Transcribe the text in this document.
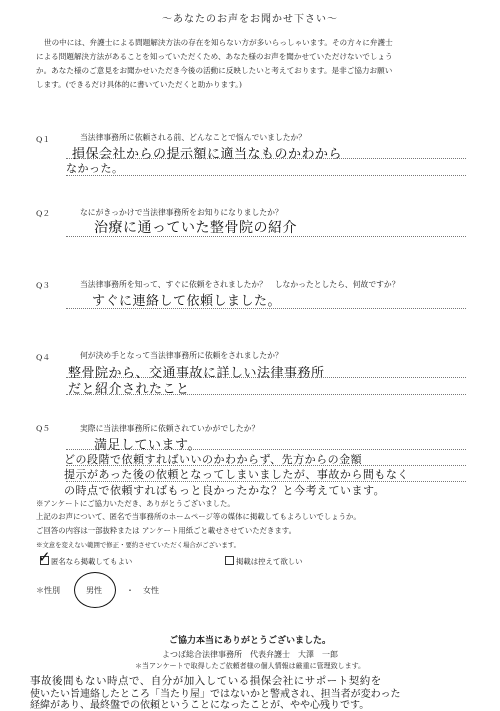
〜あなたのお声をお聞かせ下さい〜
世の中には、弁護士による問題解決方法の存在を知らない方が多いらっしゃいます。その方々に弁護士
による問題解決方法があることを知っていただくため、あなた様のお声を聞かせていただけないでしょう
か。あなた様のご意見をお聞かせいただき今後の活動に反映したいと考えております。是非ご協力お願い
します。(できるだけ具体的に書いていただくと助かります。)
Q１	当法律事務所に依頼される前、どんなことで悩んでいましたか？
損保会社からの提示額に適当なものかわから
なかった。
Q２	なにがきっかけで当法律事務所をお知りになりましたか？
治療に通っていた整骨院の紹介
Q３	当法律事務所を知って、すぐに依頼をされましたか？　しなかったとしたら、何故ですか？
すぐに連絡して依頼しました。
Q４	何が決め手となって当法律事務所に依頼をされましたか？
整骨院から、交通事故に詳しい法律事務所
だと紹介されたこと
Q５	実際に当法律事務所に依頼されていかがでしたか？
満足しています。
どの段階で依頼すればいいのかわからず、先方からの金額
提示があった後の依頼となってしまいましたが、事故から間もなく
の時点で依頼すればもっと良かったかな？と今考えています。
※アンケートにご協力いただき、ありがとうございました。
上記のお声について、匿名で当事務所のホームページ等の媒体に掲載してもよろしいでしょうか。
ご回答の内容は一部抜粋または アンケート用紙ごと載せさせていただきます。
※文意を変えない範囲で修正・要約させていただく場合がございます。
匿名なら掲載してもよい
✓	掲載は控えて欲しい
＊性別	男性	女性
・
ご協力本当にありがとうございました。
よつば総合法律事務所　代表弁護士　大澤　一郎
＊当アンケートで取得したご依頼者様の個人情報は厳重に管理致します。
事故後間もない時点で、自分が加入している損保会社にサポート契約を
使いたい旨連絡したところ「当たり屋」ではないかと警戒され、担当者が変わった
経緯があり、最終盤での依頼ということになったことが、やや心残りです。
